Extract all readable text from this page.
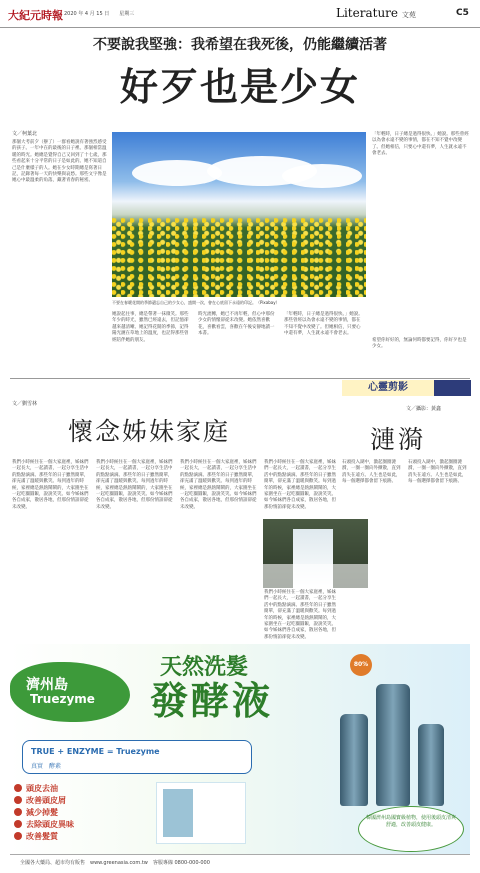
大紀元時報 2020 年 4 月 15 日　　星期三	Literature 文苑	C5
不要說我堅強：我希望在我死後，仍能繼續活著
好歹也是少女
文／柯葉北
那個大考前夕（辦了）一群看她說有著強烈感受的孩子。一年中在的最後的日子裡。那個相當溫暖的時光。她總是覺得自己又回到了十七歲，那些看起來十分平常的日子是如此的。她不知道自己是什麼樣子的人。她在少女時期總是寫著日記，記錄著每一天的快樂與哀愁。那些文字像是她心中最溫柔的角落，藏著青春的秘密。
不要在春暖花開的季節遺忘自己的少女心，盛開一次，會在心底留下永遠的印記。（Pixabay）
她說起往事，總是帶著一抹微笑。那些年少的時光，雖然已經遠去，但記憶卻越來越清晰。她記得花開的季節，記得陽光灑在草地上的溫度，也記得那些曾經陪伴她的朋友。
時光流轉，她已不再年輕，但心中那份少女的情懷卻從未改變。她依然喜歡花，喜歡看雲，喜歡在午後安靜地讀一本書。
「年輕時，日子總是過得很快。」她說。那些曾經以為會永遠不變的事情，都在不知不覺中改變了。但她相信，只要心中還有夢，人生就永遠不會老去。
「年輕時，日子總是過得很快。」她說。那些曾經以為會永遠不變的事情，都在不知不覺中改變了。但她相信，只要心中還有夢，人生就永遠不會老去。
希望你好好的，無論何時都要記得，你好歹也是少女。
懷念姊妹家庭
文／劉雪林
我們小時候住在一個大家庭裡，姊妹們一起長大，一起讀書，一起分享生活中的點點滴滴。那些年的日子雖然簡單，卻充滿了溫暖與歡笑。每到過年的時候，家裡總是熱熱鬧鬧的，大家圍坐在一起吃團圓飯，說說笑笑。如今姊妹們各自成家，散居各地，但那份情誼卻從未改變。
我們小時候住在一個大家庭裡，姊妹們一起長大，一起讀書，一起分享生活中的點點滴滴。那些年的日子雖然簡單，卻充滿了溫暖與歡笑。每到過年的時候，家裡總是熱熱鬧鬧的，大家圍坐在一起吃團圓飯，說說笑笑。如今姊妹們各自成家，散居各地，但那份情誼卻從未改變。
我們小時候住在一個大家庭裡，姊妹們一起長大，一起讀書，一起分享生活中的點點滴滴。那些年的日子雖然簡單，卻充滿了溫暖與歡笑。每到過年的時候，家裡總是熱熱鬧鬧的，大家圍坐在一起吃團圓飯，說說笑笑。如今姊妹們各自成家，散居各地，但那份情誼卻從未改變。
我們小時候住在一個大家庭裡，姊妹們一起長大，一起讀書，一起分享生活中的點點滴滴。那些年的日子雖然簡單，卻充滿了溫暖與歡笑。每到過年的時候，家裡總是熱熱鬧鬧的，大家圍坐在一起吃團圓飯，說說笑笑。如今姊妹們各自成家，散居各地，但那份情誼卻從未改變。
我們小時候住在一個大家庭裡，姊妹們一起長大，一起讀書，一起分享生活中的點點滴滴。那些年的日子雖然簡單，卻充滿了溫暖與歡笑。每到過年的時候，家裡總是熱熱鬧鬧的，大家圍坐在一起吃團圓飯，說說笑笑。如今姊妹們各自成家，散居各地，但那份情誼卻從未改變。
心靈剪影
文／攝影：黃鑫
漣漪
石頭投入湖中，激起圈圈漣漪，一圈一圈向外擴散，直到消失在遠方。人生也是如此，每一個選擇都會留下痕跡。
石頭投入湖中，激起圈圈漣漪，一圈一圈向外擴散，直到消失在遠方。人生也是如此，每一個選擇都會留下痕跡。
濟州島
Truezyme
天然洗髮
發酵液
80%
TRUE + ENZYME = Truezyme
真實　酵素
頭皮去油
改善頭皮屑
減少掉髮
去除頭皮異味
改善髮質
韓國濟州島國寶級植物，使用後頭皮清爽舒適，改善頭皮健康。
全國各大藥局、超市均有販售　www.greenasia.com.tw　客服專線 0800-000-000
